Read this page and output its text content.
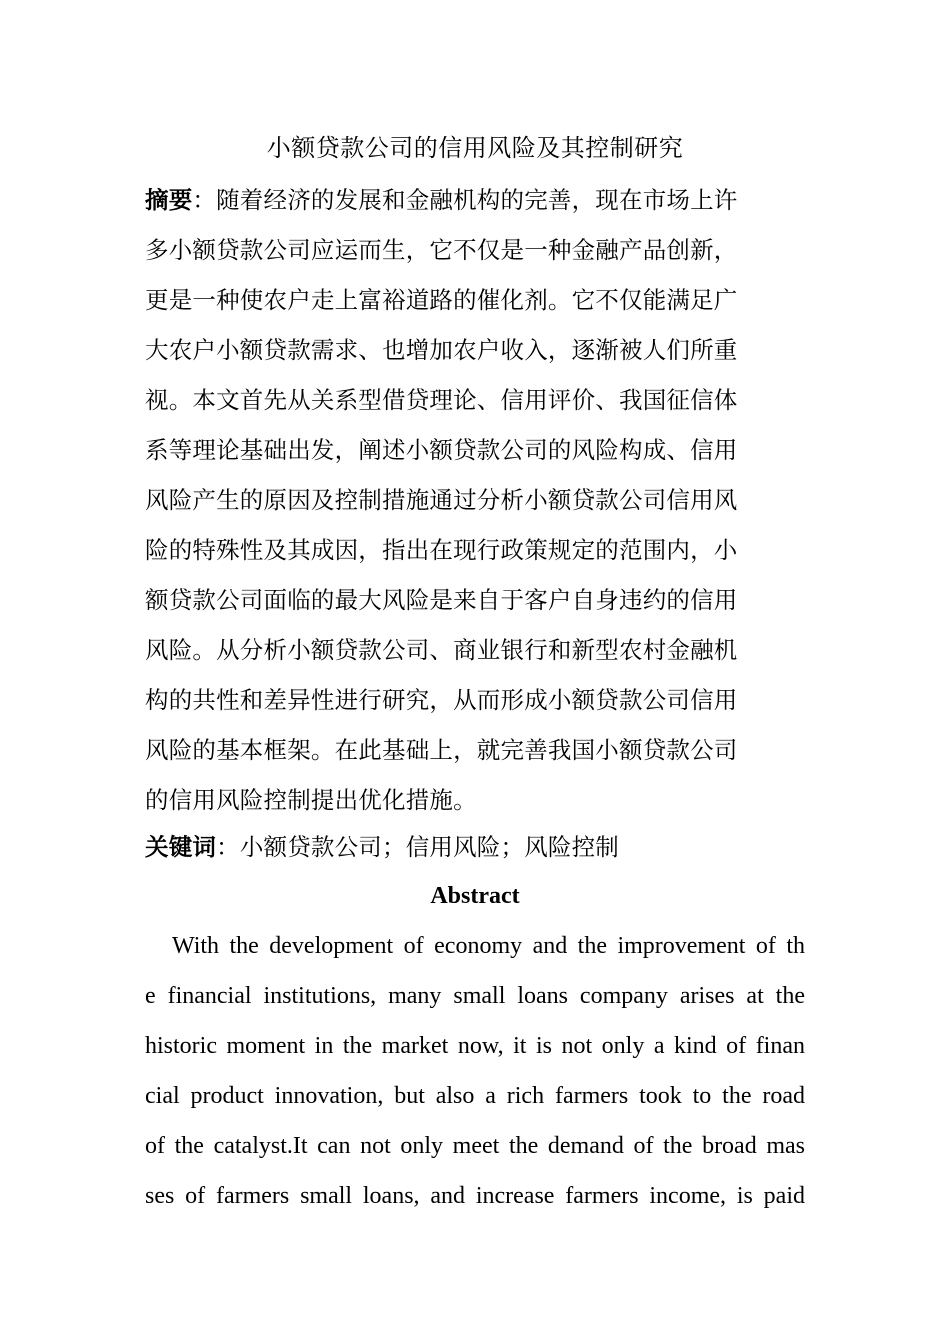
小额贷款公司的信用风险及其控制研究
摘要：随着经济的发展和金融机构的完善，现在市场上许
多小额贷款公司应运而生，它不仅是一种金融产品创新，
更是一种使农户走上富裕道路的催化剂。它不仅能满足广
大农户小额贷款需求、也增加农户收入，逐渐被人们所重
视。本文首先从关系型借贷理论、信用评价、我国征信体
系等理论基础出发，阐述小额贷款公司的风险构成、信用
风险产生的原因及控制措施通过分析小额贷款公司信用风
险的特殊性及其成因，指出在现行政策规定的范围内，小
额贷款公司面临的最大风险是来自于客户自身违约的信用
风险。从分析小额贷款公司、商业银行和新型农村金融机
构的共性和差异性进行研究，从而形成小额贷款公司信用
风险的基本框架。在此基础上，就完善我国小额贷款公司
的信用风险控制提出优化措施。
关键词：小额贷款公司；信用风险；风险控制
Abstract
With the development of economy and the improvement of th
e financial institutions, many small loans company arises at the
historic moment in the market now, it is not only a kind of finan
cial product innovation, but also a rich farmers took to the road
of the catalyst.It can not only meet the demand of the broad mas
ses of farmers small loans, and increase farmers income, is paid
